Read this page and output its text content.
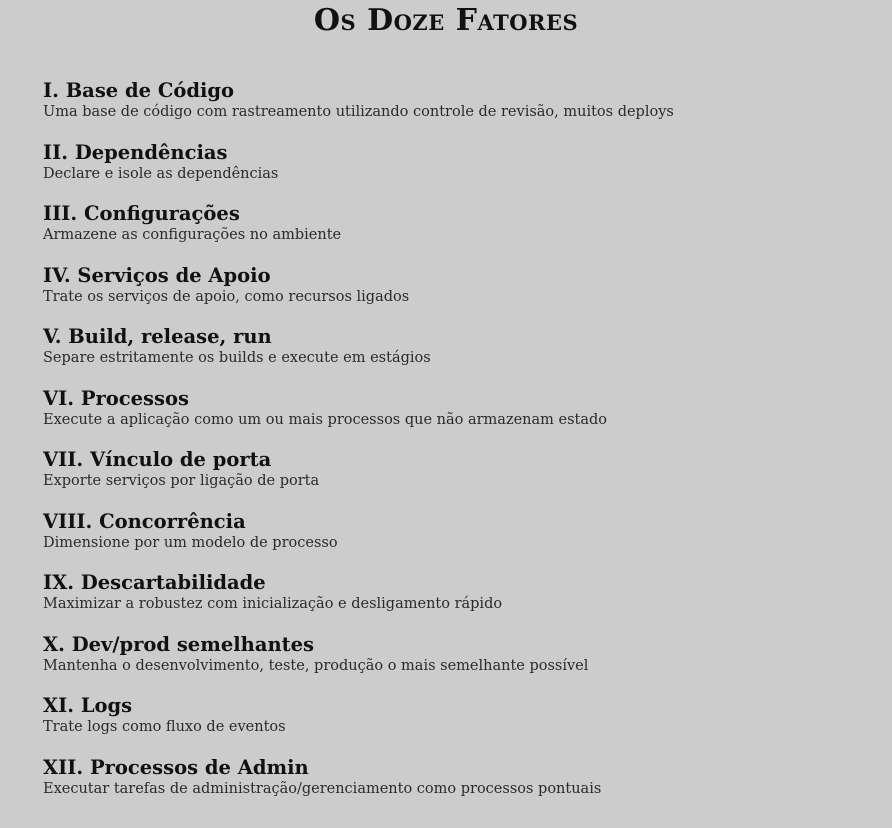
Os Doze Fatores
I. Base de Código
Uma base de código com rastreamento utilizando controle de revisão, muitos deploys
II. Dependências
Declare e isole as dependências
III. Configurações
Armazene as configurações no ambiente
IV. Serviços de Apoio
Trate os serviços de apoio, como recursos ligados
V. Build, release, run
Separe estritamente os builds e execute em estágios
VI. Processos
Execute a aplicação como um ou mais processos que não armazenam estado
VII. Vínculo de porta
Exporte serviços por ligação de porta
VIII. Concorrência
Dimensione por um modelo de processo
IX. Descartabilidade
Maximizar a robustez com inicialização e desligamento rápido
X. Dev/prod semelhantes
Mantenha o desenvolvimento, teste, produção o mais semelhante possível
XI. Logs
Trate logs como fluxo de eventos
XII. Processos de Admin
Executar tarefas de administração/gerenciamento como processos pontuais
